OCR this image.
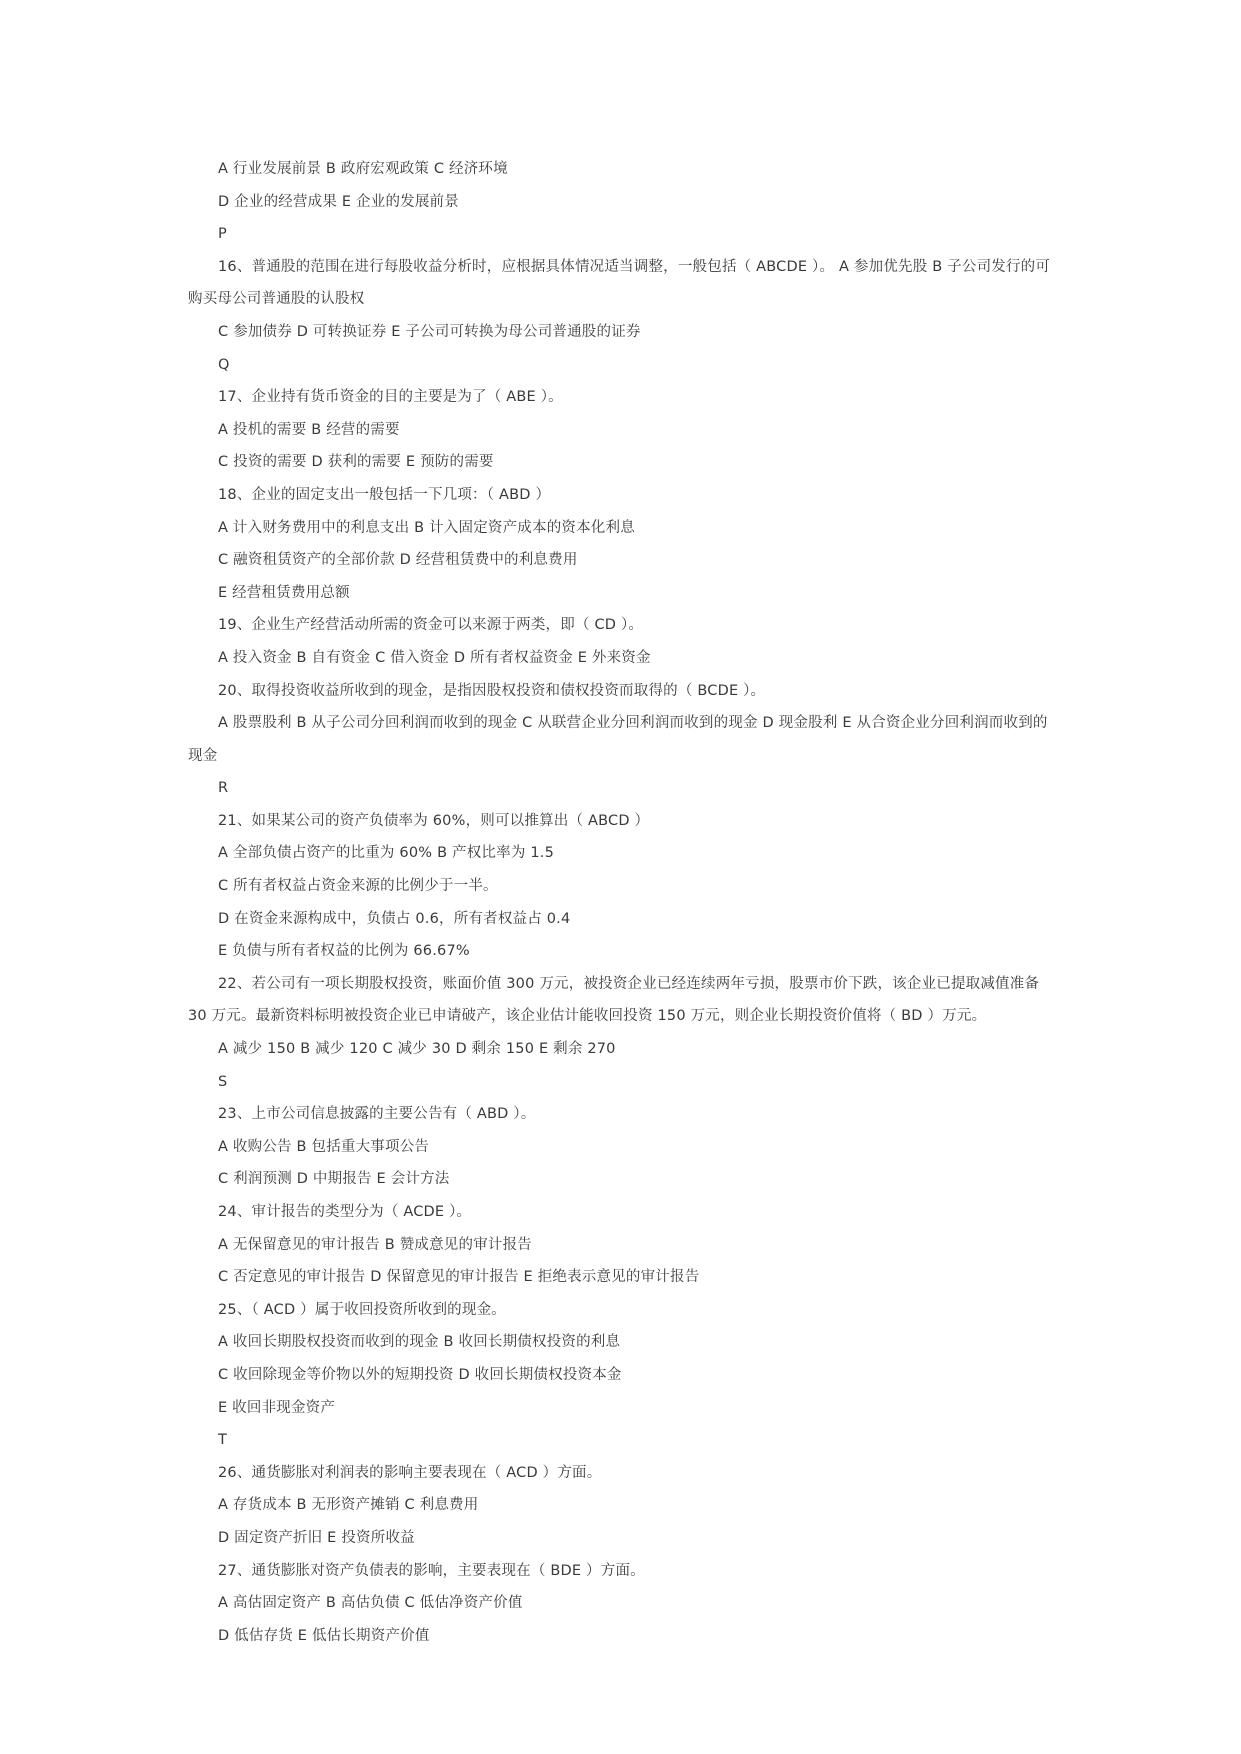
A 行业发展前景 B 政府宏观政策 C 经济环境
D 企业的经营成果 E 企业的发展前景
P
16、普通股的范围在进行每股收益分析时，应根据具体情况适当调整，一般包括（ ABCDE ）。 A 参加优先股 B 子公司发行的可购买母公司普通股的认股权
C 参加债券 D 可转换证券 E 子公司可转换为母公司普通股的证券
Q
17、企业持有货币资金的目的主要是为了（ ABE ）。
A 投机的需要 B 经营的需要
C 投资的需要 D 获利的需要 E 预防的需要
18、企业的固定支出一般包括一下几项：（ ABD ）
A 计入财务费用中的利息支出 B 计入固定资产成本的资本化利息
C 融资租赁资产的全部价款 D 经营租赁费中的利息费用
E 经营租赁费用总额
19、企业生产经营活动所需的资金可以来源于两类，即（ CD ）。
A 投入资金 B 自有资金 C 借入资金 D 所有者权益资金 E 外来资金
20、取得投资收益所收到的现金，是指因股权投资和债权投资而取得的（ BCDE ）。
A 股票股利 B 从子公司分回利润而收到的现金 C 从联营企业分回利润而收到的现金 D 现金股利 E 从合资企业分回利润而收到的现金
R
21、如果某公司的资产负债率为 60%，则可以推算出（ ABCD ）
A 全部负债占资产的比重为 60% B 产权比率为 1.5
C 所有者权益占资金来源的比例少于一半。
D 在资金来源构成中，负债占 0.6，所有者权益占 0.4
E 负债与所有者权益的比例为 66.67%
22、若公司有一项长期股权投资，账面价值 300 万元，被投资企业已经连续两年亏损，股票市价下跌，该企业已提取减值准备 30 万元。最新资料标明被投资企业已申请破产，该企业估计能收回投资 150 万元，则企业长期投资价值将（ BD ）万元。
A 减少 150 B 减少 120 C 减少 30 D 剩余 150 E 剩余 270
S
23、上市公司信息披露的主要公告有（ ABD ）。
A 收购公告 B 包括重大事项公告
C 利润预测 D 中期报告 E 会计方法
24、审计报告的类型分为（ ACDE ）。
A 无保留意见的审计报告 B 赞成意见的审计报告
C 否定意见的审计报告 D 保留意见的审计报告 E 拒绝表示意见的审计报告
25、（ ACD ）属于收回投资所收到的现金。
A 收回长期股权投资而收到的现金 B 收回长期债权投资的利息
C 收回除现金等价物以外的短期投资 D 收回长期债权投资本金
E 收回非现金资产
T
26、通货膨胀对利润表的影响主要表现在（ ACD ）方面。
A 存货成本 B 无形资产摊销 C 利息费用
D 固定资产折旧 E 投资所收益
27、通货膨胀对资产负债表的影响，主要表现在（ BDE ）方面。
A 高估固定资产 B 高估负债 C 低估净资产价值
D 低估存货 E 低估长期资产价值
